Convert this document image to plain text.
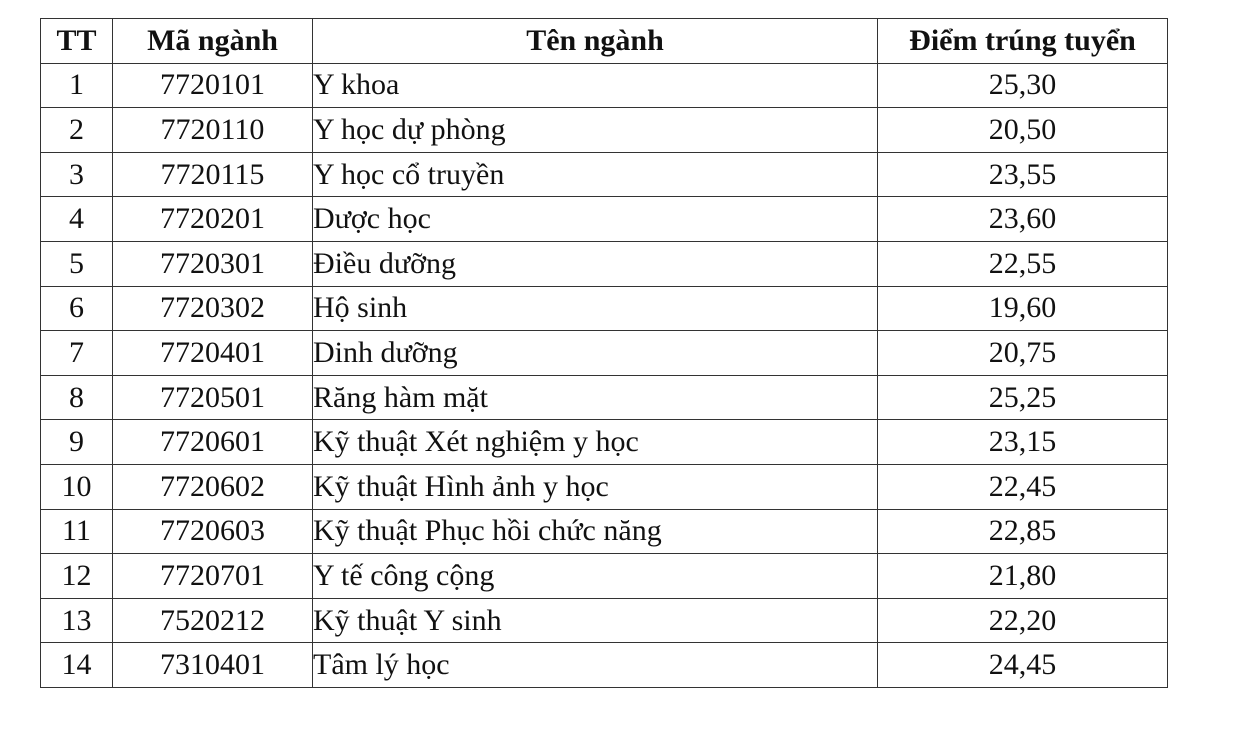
TT	Mã ngành	Tên ngành	Điểm trúng tuyển
1	7720101	Y khoa	25,30
2	7720110	Y học dự phòng	20,50
3	7720115	Y học cổ truyền	23,55
4	7720201	Dược học	23,60
5	7720301	Điều dưỡng	22,55
6	7720302	Hộ sinh	19,60
7	7720401	Dinh dưỡng	20,75
8	7720501	Răng hàm mặt	25,25
9	7720601	Kỹ thuật Xét nghiệm y học	23,15
10	7720602	Kỹ thuật Hình ảnh y học	22,45
11	7720603	Kỹ thuật Phục hồi chức năng	22,85
12	7720701	Y tế công cộng	21,80
13	7520212	Kỹ thuật Y sinh	22,20
14	7310401	Tâm lý học	24,45
